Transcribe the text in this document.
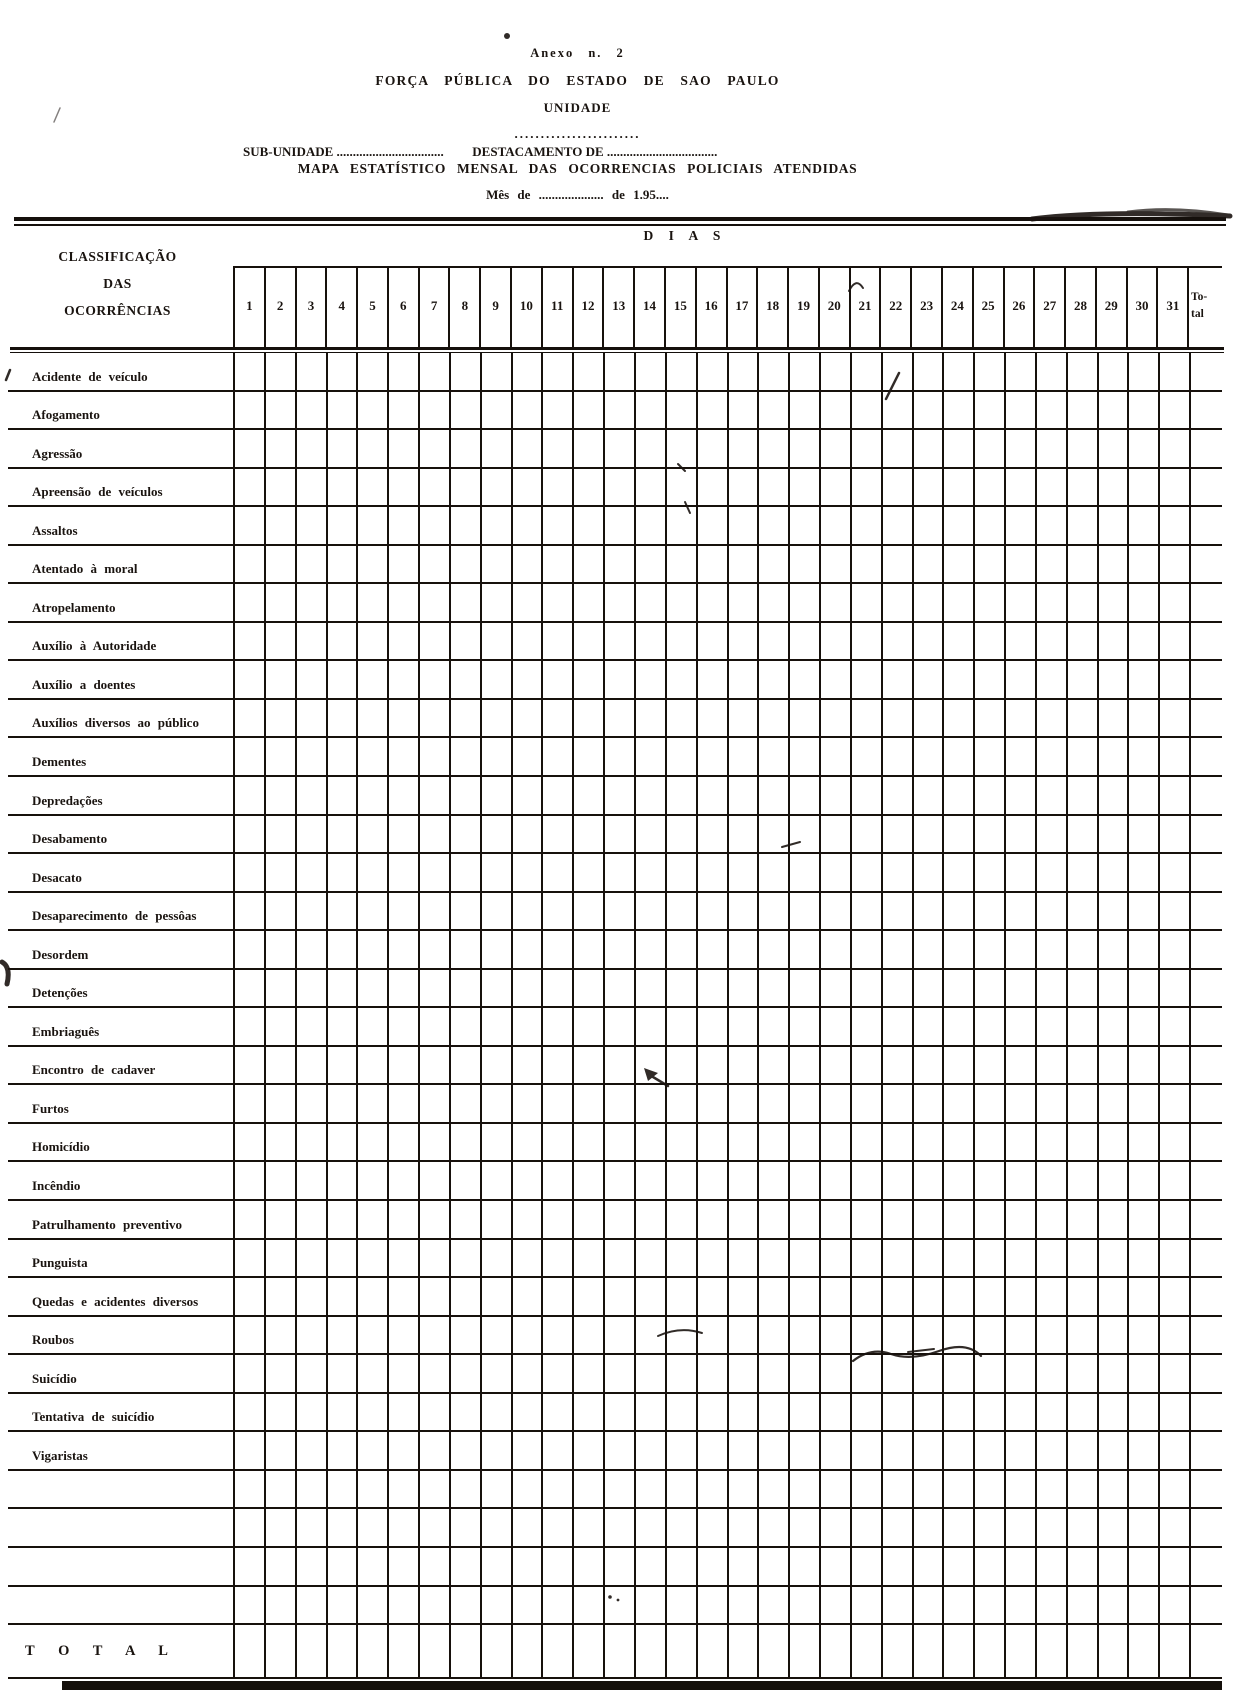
Anexo n. 2
FORÇA PÚBLICA DO ESTADO DE SAO PAULO
UNIDADE
........................
SUB-UNIDADE ................................. DESTACAMENTO DE ..................................
MAPA ESTATÍSTICO MENSAL DAS OCORRENCIAS POLICIAIS ATENDIDAS
Mês de .................... de 1.95....
CLASSIFICAÇÃO
DAS
OCORRÊNCIAS
D I A S
1	2	3	4	5	6	7	8	9	10	11	12	13	14	15	16	17	18	19	20	21	22	23	24	25	26	27	28	29	30	31
To-
tal
Acidente de veículo
Afogamento
Agressão
Apreensão de veículos
Assaltos
Atentado à moral
Atropelamento
Auxílio à Autoridade
Auxílio a doentes
Auxílios diversos ao público
Dementes
Depredações
Desabamento
Desacato
Desaparecimento de pessôas
Desordem
Detenções
Embriaguês
Encontro de cadaver
Furtos
Homicídio
Incêndio
Patrulhamento preventivo
Punguista
Quedas e acidentes diversos
Roubos
Suicídio
Tentativa de suicídio
Vigaristas
T O T A L
